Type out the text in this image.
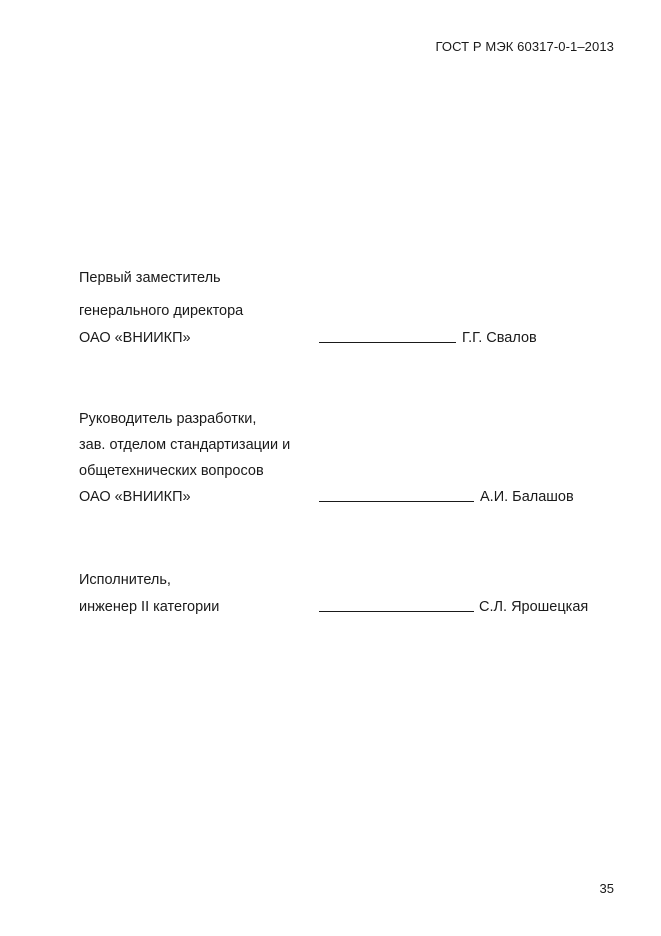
ГОСТ Р МЭК 60317-0-1–2013
Первый заместитель
генерального директора
ОАО «ВНИИКП»	Г.Г. Свалов
Руководитель разработки,
зав. отделом стандартизации и
общетехнических вопросов
ОАО «ВНИИКП»	А.И. Балашов
Исполнитель,
инженер II категории	С.Л. Ярошецкая
35
